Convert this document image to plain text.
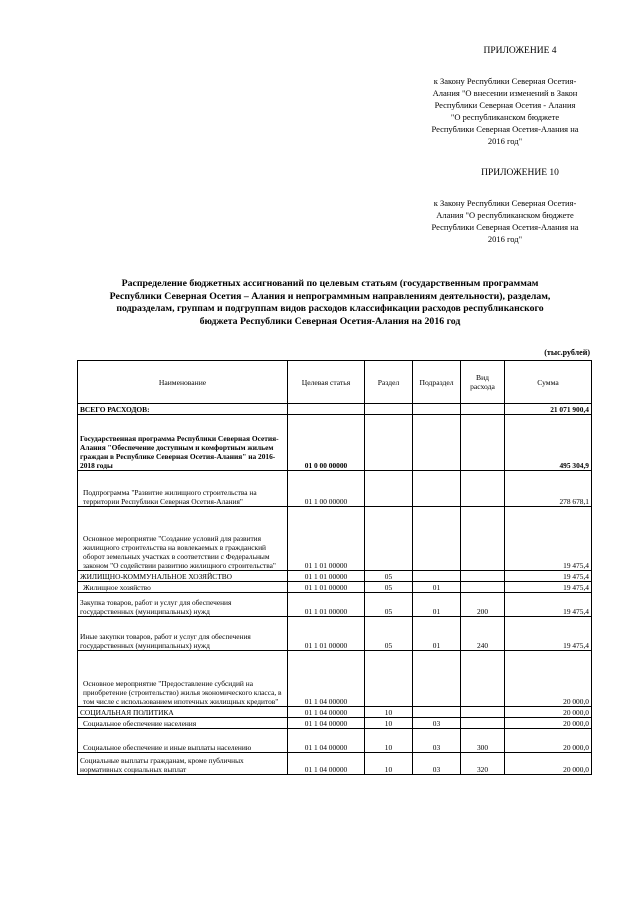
ПРИЛОЖЕНИЕ 4
к Закону Республики Северная Осетия-
Алания "О внесении изменений в Закон
Республики Северная Осетия - Алания
"О республиканском бюджете
Республики Северная Осетия-Алания на
2016 год"
ПРИЛОЖЕНИЕ 10
к Закону Республики Северная Осетия-
Алания "О республиканском бюджете
Республики Северная Осетия-Алания на
2016 год"
Распределение бюджетных ассигнований по целевым статьям (государственным программам
Республики Северная Осетия – Алания и непрограммным направлениям деятельности), разделам,
подразделам, группам и подгруппам видов расходов классификации расходов республиканского
бюджета Республики Северная Осетия-Алания на 2016 год
(тыс.рублей)
Наименование	Целевая статья	Раздел	Подраздел	Вид расхода	Сумма
ВСЕГО РАСХОДОВ:					21 071 900,4
Государственная программа Республики Северная Осетия-Алания "Обеспечение доступным и комфортным жильем граждан в Республике Северная Осетия-Алания" на 2016-2018 годы	01 0 00 00000				495 304,9
Подпрограмма "Развитие жилищного строительства на территории Республики Северная Осетия-Алания"	01 1 00 00000				278 678,1
Основное мероприятие "Создание условий для развития жилищного строительства на вовлекаемых в гражданский оборот земельных участках в соответствии с Федеральным законом "О содействии развитию жилищного строительства"	01 1 01 00000				19 475,4
ЖИЛИЩНО-КОММУНАЛЬНОЕ ХОЗЯЙСТВО	01 1 01 00000	05			19 475,4
Жилищное хозяйство	01 1 01 00000	05	01		19 475,4
Закупка товаров, работ и услуг для обеспечения государственных (муниципальных) нужд	01 1 01 00000	05	01	200	19 475,4
Иные закупки товаров, работ и услуг для обеспечения государственных (муниципальных) нужд	01 1 01 00000	05	01	240	19 475,4
Основное мероприятие "Предоставление субсидий на приобретение (строительство) жилья экономического класса, в том числе с использованием ипотечных жилищных кредитов"	01 1 04 00000				20 000,0
СОЦИАЛЬНАЯ ПОЛИТИКА	01 1 04 00000	10			20 000,0
Социальное обеспечение населения	01 1 04 00000	10	03		20 000,0
Социальное обеспечение и иные выплаты населению	01 1 04 00000	10	03	300	20 000,0
Социальные выплаты гражданам, кроме публичных нормативных социальных выплат	01 1 04 00000	10	03	320	20 000,0
